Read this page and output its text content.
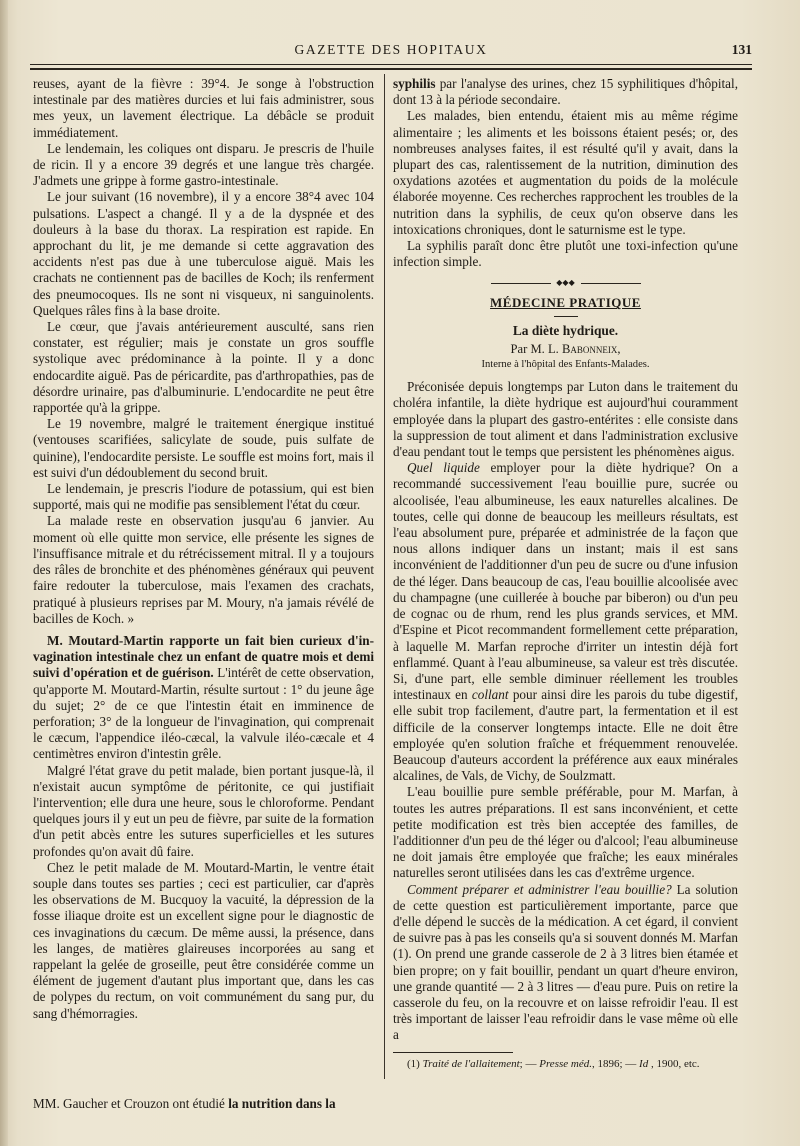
GAZETTE DES HOPITAUX	131

reuses, ayant de la fièvre : 39°4. Je songe à l'obstruction intestinale par des matières durcies et lui fais administrer, sous mes yeux, un lavement électrique. La débâcle se produit immédiatement.

Le lendemain, les coliques ont disparu. Je prescris de l'huile de ricin. Il y a encore 39 degrés et une langue très chargée. J'admets une grippe à forme gastro-intestinale.

Le jour suivant (16 novembre), il y a encore 38°4 avec 104 pulsations. L'aspect a changé. Il y a de la dyspnée et des douleurs à la base du thorax. La respiration est rapide. En approchant du lit, je me demande si cette aggravation des accidents n'est pas due à une tuberculose aiguë. Mais les crachats ne contiennent pas de bacilles de Koch; ils renferment des pneumocoques. Ils ne sont ni visqueux, ni sanguinolents. Quelques râles fins à la base droite.

Le cœur, que j'avais antérieurement ausculté, sans rien constater, est régulier; mais je constate un gros souffle systolique avec prédominance à la pointe. Il y a donc endocardite aiguë. Pas de péricardite, pas d'arthropathies, pas de désordre urinaire, pas d'albuminurie. L'endocardite ne peut être rapportée qu'à la grippe.

Le 19 novembre, malgré le traitement énergique institué (ventouses scarifiées, salicylate de soude, puis sulfate de quinine), l'endocardite persiste. Le souffle est moins fort, mais il est suivi d'un dédoublement du second bruit.

Le lendemain, je prescris l'iodure de potassium, qui est bien supporté, mais qui ne modifie pas sensiblement l'état du cœur.

La malade reste en observation jusqu'au 6 janvier. Au moment où elle quitte mon service, elle présente les signes de l'insuffisance mitrale et du rétrécissement mitral. Il y a toujours des râles de bronchite et des phénomènes généraux qui peuvent faire redouter la tuberculose, mais l'examen des crachats, pratiqué à plusieurs reprises par M. Moury, n'a jamais révélé de bacilles de Koch. »

M. Moutard-Martin rapporte un fait bien curieux d'in-vagination intestinale chez un enfant de quatre mois et demi suivi d'opération et de guérison. L'intérêt de cette observation, qu'apporte M. Moutard-Martin, résulte surtout : 1° du jeune âge du sujet; 2° de ce que l'intestin était en imminence de perforation; 3° de la longueur de l'invagination, qui comprenait le cæcum, l'appendice iléo-cæcal, la valvule iléo-cæcale et 4 centimètres environ d'intestin grêle.

Malgré l'état grave du petit malade, bien portant jusque-là, il n'existait aucun symptôme de péritonite, ce qui justifiait l'intervention; elle dura une heure, sous le chloroforme. Pendant quelques jours il y eut un peu de fièvre, par suite de la formation d'un petit abcès entre les sutures superficielles et les sutures profondes qu'on avait dû faire.

Chez le petit malade de M. Moutard-Martin, le ventre était souple dans toutes ses parties ; ceci est particulier, car d'après les observations de M. Bucquoy la vacuité, la dépression de la fosse iliaque droite est un excellent signe pour le diagnostic de ces invaginations du cæcum. De même aussi, la présence, dans les langes, de matières glaireuses incorporées au sang et rappelant la gelée de groseille, peut être considérée comme un élément de jugement d'autant plus important que, dans les cas de polypes du rectum, on voit communément du sang pur, du sang d'hémorragies.

MM. Gaucher et Crouzon ont étudié la nutrition dans la

syphilis par l'analyse des urines, chez 15 syphilitiques d'hôpital, dont 13 à la période secondaire.

Les malades, bien entendu, étaient mis au même régime alimentaire ; les aliments et les boissons étaient pesés; or, des nombreuses analyses faites, il est résulté qu'il y avait, dans la plupart des cas, ralentissement de la nutrition, diminution des oxydations azotées et augmentation du poids de la molécule élaborée moyenne. Ces recherches rapprochent les troubles de la nutrition dans la syphilis, de ceux qu'on observe dans les intoxications chroniques, dont le saturnisme est le type.

La syphilis paraît donc être plutôt une toxi-infection qu'une infection simple.

◆◆◆
MÉDECINE PRATIQUE
La diète hydrique.
Par M. L. Babonneix,
Interne à l'hôpital des Enfants-Malades.

Préconisée depuis longtemps par Luton dans le traitement du choléra infantile, la diète hydrique est aujourd'hui couramment employée dans la plupart des gastro-entérites : elle consiste dans la suppression de tout aliment et dans l'administration exclusive d'eau pendant tout le temps que persistent les phénomènes aigus.

Quel liquide employer pour la diète hydrique? On a recommandé successivement l'eau bouillie pure, sucrée ou alcoolisée, l'eau albumineuse, les eaux naturelles alcalines. De toutes, celle qui donne de beaucoup les meilleurs résultats, est l'eau absolument pure, préparée et administrée de la façon que nous allons indiquer dans un instant; mais il est sans inconvénient de l'additionner d'un peu de sucre ou d'une infusion de thé léger. Dans beaucoup de cas, l'eau bouillie alcoolisée avec du champagne (une cuillerée à bouche par biberon) ou d'un peu de cognac ou de rhum, rend les plus grands services, et MM. d'Espine et Picot recommandent formellement cette préparation, à laquelle M. Marfan reproche d'irriter un intestin déjà fort enflammé. Quant à l'eau albumineuse, sa valeur est très discutée. Si, d'une part, elle semble diminuer réellement les troubles intestinaux en collant pour ainsi dire les parois du tube digestif, elle subit trop facilement, d'autre part, la fermentation et il est difficile de la conserver longtemps intacte. Elle ne doit être employée qu'en solution fraîche et fréquemment renouvelée. Beaucoup d'auteurs accordent la préférence aux eaux minérales alcalines, de Vals, de Vichy, de Soulzmatt.

L'eau bouillie pure semble préférable, pour M. Marfan, à toutes les autres préparations. Il est sans inconvénient, et cette petite modification est très bien acceptée des familles, de l'additionner d'un peu de thé léger ou d'alcool; l'eau albumineuse ne doit jamais être employée que fraîche; les eaux minérales naturelles seront utilisées dans les cas d'extrême urgence.

Comment préparer et administrer l'eau bouillie? La solution de cette question est particulièrement importante, parce que d'elle dépend le succès de la médication. A cet égard, il convient de suivre pas à pas les conseils qu'a si souvent donnés M. Marfan (1). On prend une grande casserole de 2 à 3 litres bien étamée et bien propre; on y fait bouillir, pendant un quart d'heure environ, une grande quantité — 2 à 3 litres — d'eau pure. Puis on retire la casserole du feu, on la recouvre et on laisse refroidir l'eau. Il est très important de laisser l'eau refroidir dans le vase même où elle a

(1) Traité de l'allaitement; — Presse méd., 1896; — Id , 1900, etc.
